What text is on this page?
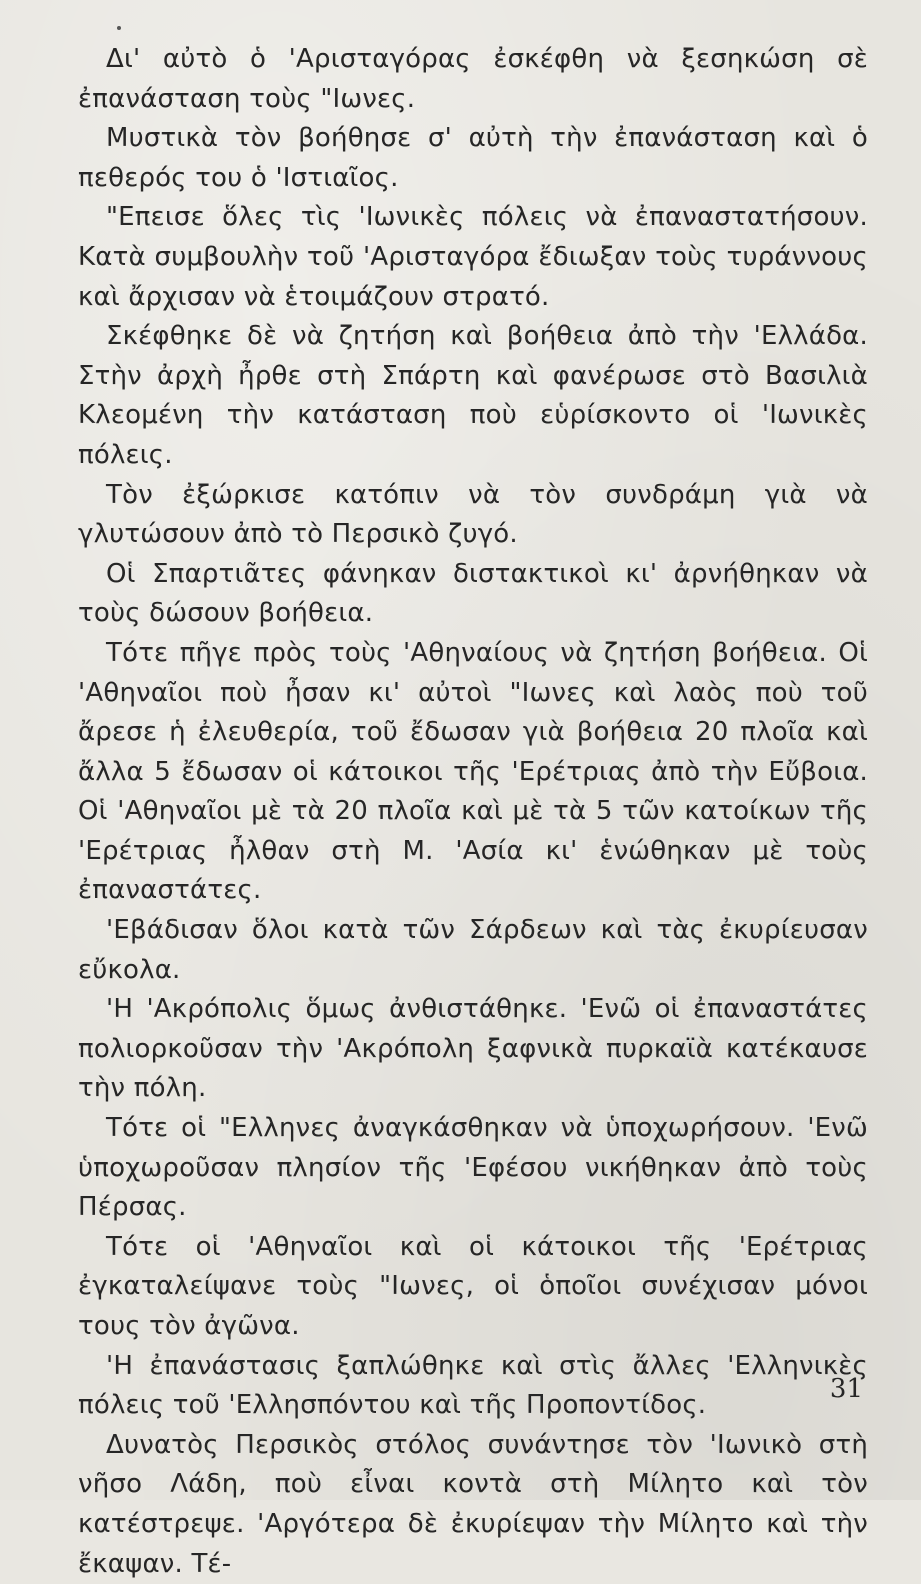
Δι' αὐτὸ ὁ 'Αρισταγόρας ἐσκέφθη νὰ ξεσηκώση σὲ ἐπανάσταση τοὺς "Ιωνες.

Μυστικὰ τὸν βοήθησε σ' αὐτὴ τὴν ἐπανάσταση καὶ ὁ πεθερός του ὁ 'Ιστιαῖος.

"Επεισε ὅλες τὶς 'Ιωνικὲς πόλεις νὰ ἐπαναστατήσουν. Κατὰ συμβουλὴν τοῦ 'Αρισταγόρα ἔδιωξαν τοὺς τυράννους καὶ ἄρχισαν νὰ ἑτοιμάζουν στρατό.

Σκέφθηκε δὲ νὰ ζητήση καὶ βοήθεια ἀπὸ τὴν 'Ελλάδα. Στὴν ἀρχὴ ἦρθε στὴ Σπάρτη καὶ φανέρωσε στὸ Βασιλιὰ Κλεομένη τὴν κατάσταση ποὺ εὑρίσκοντο οἱ 'Ιωνικὲς πόλεις.

Τὸν ἐξώρκισε κατόπιν νὰ τὸν συνδράμη γιὰ νὰ γλυτώσουν ἀπὸ τὸ Περσικὸ ζυγό.

Οἱ Σπαρτιᾶτες φάνηκαν διστακτικοὶ κι' ἀρνήθηκαν νὰ τοὺς δώσουν βοήθεια.

Τότε πῆγε πρὸς τοὺς 'Αθηναίους νὰ ζητήση βοήθεια. Οἱ 'Αθηναῖοι ποὺ ἦσαν κι' αὐτοὶ "Ιωνες καὶ λαὸς ποὺ τοῦ ἄρεσε ἡ ἐλευθερία, τοῦ ἔδωσαν γιὰ βοήθεια 20 πλοῖα καὶ ἄλλα 5 ἔδωσαν οἱ κάτοικοι τῆς 'Ερέτριας ἀπὸ τὴν Εὔβοια. Οἱ 'Αθηναῖοι μὲ τὰ 20 πλοῖα καὶ μὲ τὰ 5 τῶν κατοίκων τῆς 'Ερέτριας ἦλθαν στὴ Μ. 'Ασία κι' ἑνώθηκαν μὲ τοὺς ἐπαναστάτες.

'Εβάδισαν ὅλοι κατὰ τῶν Σάρδεων καὶ τὰς ἐκυρίευσαν εὔκολα.

'Η 'Ακρόπολις ὅμως ἀνθιστάθηκε. 'Ενῶ οἱ ἐπαναστάτες πολιορκοῦσαν τὴν 'Ακρόπολη ξαφνικὰ πυρκαϊὰ κατέκαυσε τὴν πόλη.

Τότε οἱ "Ελληνες ἀναγκάσθηκαν νὰ ὑποχωρήσουν. 'Ενῶ ὑποχωροῦσαν πλησίον τῆς 'Εφέσου νικήθηκαν ἀπὸ τοὺς Πέρσας.

Τότε οἱ 'Αθηναῖοι καὶ οἱ κάτοικοι τῆς 'Ερέτριας ἐγκαταλείψανε τοὺς "Ιωνες, οἱ ὁποῖοι συνέχισαν μόνοι τους τὸν ἀγῶνα.

'Η ἐπανάστασις ξαπλώθηκε καὶ στὶς ἄλλες 'Ελληνικὲς πόλεις τοῦ 'Ελλησπόντου καὶ τῆς Προποντίδος.

Δυνατὸς Περσικὸς στόλος συνάντησε τὸν 'Ιωνικὸ στὴ νῆσο Λάδη, ποὺ εἶναι κοντὰ στὴ Μίλητο καὶ τὸν κατέστρεψε. 'Αργότερα δὲ ἐκυρίεψαν τὴν Μίλητο καὶ τὴν ἔκαψαν. Τέ-

31
